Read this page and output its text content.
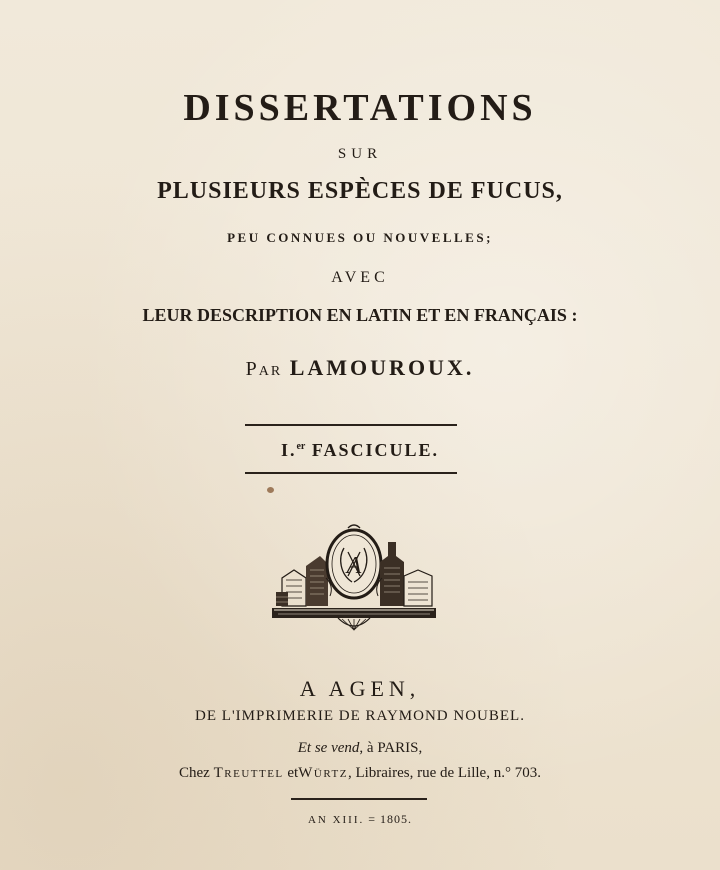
DISSERTATIONS
SUR
PLUSIEURS ESPÈCES DE FUCUS,
PEU CONNUES OU NOUVELLES;
AVEC
LEUR DESCRIPTION EN LATIN ET EN FRANÇAIS :
Par LAMOUROUX.
I.$^{er}$ FASCICULE.
A
A AGEN,
DE L'IMPRIMERIE DE RAYMOND NOUBEL.
Et se vend, à PARIS,
Chez Treuttel etWürtz, Libraires, rue de Lille, n.° 703.
AN XIII. = 1805.
